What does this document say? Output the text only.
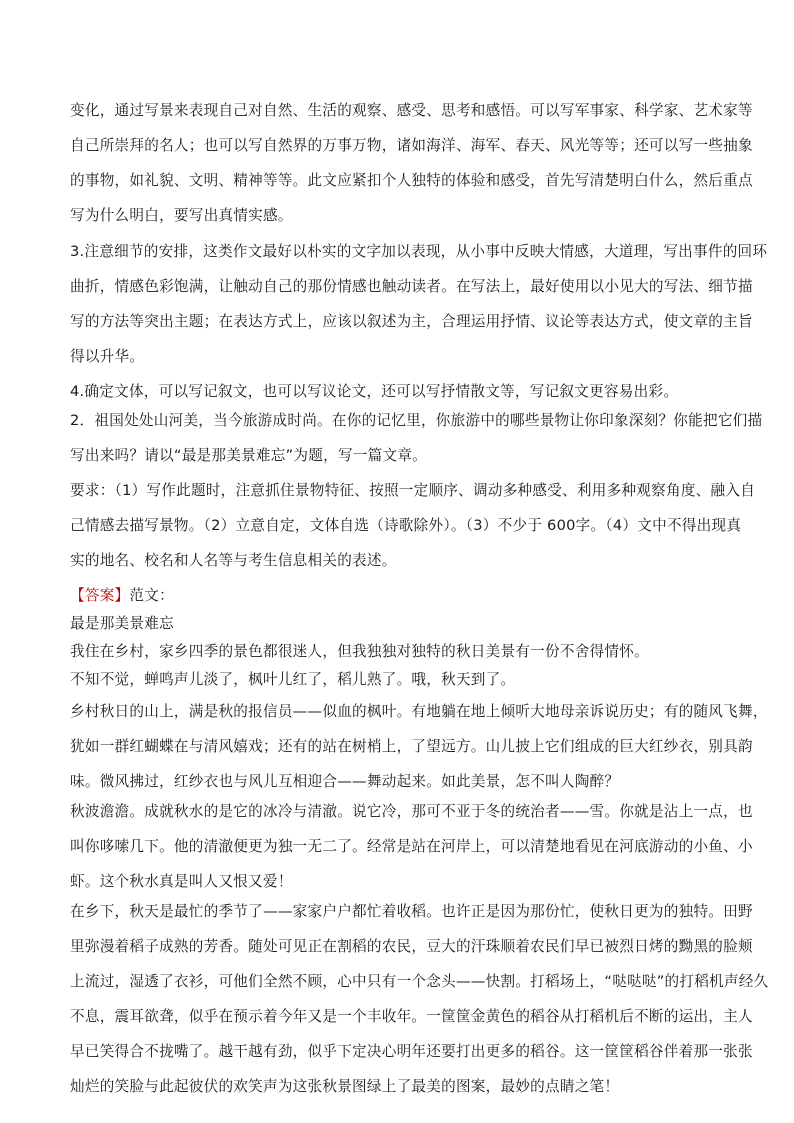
变化，通过写景来表现自己对自然、生活的观察、感受、思考和感悟。可以写军事家、科学家、艺术家等
自己所崇拜的名人；也可以写自然界的万事万物，诸如海洋、海军、春天、风光等等；还可以写一些抽象
的事物，如礼貌、文明、精神等等。此文应紧扣个人独特的体验和感受，首先写清楚明白什么，然后重点
写为什么明白，要写出真情实感。
3.注意细节的安排，这类作文最好以朴实的文字加以表现，从小事中反映大情感，大道理，写出事件的回环
曲折，情感色彩饱满，让触动自己的那份情感也触动读者。在写法上，最好使用以小见大的写法、细节描
写的方法等突出主题；在表达方式上，应该以叙述为主，合理运用抒情、议论等表达方式，使文章的主旨
得以升华。
4.确定文体，可以写记叙文，也可以写议论文，还可以写抒情散文等，写记叙文更容易出彩。
2．祖国处处山河美，当今旅游成时尚。在你的记忆里，你旅游中的哪些景物让你印象深刻？你能把它们描
写出来吗？请以“最是那美景难忘”为题，写一篇文章。
要求：（1）写作此题时，注意抓住景物特征、按照一定顺序、调动多种感受、利用多种观察角度、融入自
己情感去描写景物。（2）立意自定，文体自选（诗歌除外）。（3）不少于 600字。（4）文中不得出现真
实的地名、校名和人名等与考生信息相关的表述。
【答案】范文：
最是那美景难忘
我住在乡村，家乡四季的景色都很迷人，但我独独对独特的秋日美景有一份不舍得情怀。
不知不觉，蝉鸣声儿淡了，枫叶儿红了，稻儿熟了。哦，秋天到了。
乡村秋日的山上，满是秋的报信员——似血的枫叶。有地躺在地上倾听大地母亲诉说历史；有的随风飞舞，
犹如一群红蝴蝶在与清风嬉戏；还有的站在树梢上，了望远方。山儿披上它们组成的巨大红纱衣，别具韵
味。微风拂过，红纱衣也与风儿互相迎合——舞动起来。如此美景，怎不叫人陶醉？
秋波澹澹。成就秋水的是它的冰冷与清澈。说它冷，那可不亚于冬的统治者——雪。你就是沾上一点，也
叫你哆嗦几下。他的清澈便更为独一无二了。经常是站在河岸上，可以清楚地看见在河底游动的小鱼、小
虾。这个秋水真是叫人又恨又爱！
在乡下，秋天是最忙的季节了——家家户户都忙着收稻。也许正是因为那份忙，使秋日更为的独特。田野
里弥漫着稻子成熟的芳香。随处可见正在割稻的农民，豆大的汗珠顺着农民们早已被烈日烤的黝黑的脸颊
上流过，湿透了衣衫，可他们全然不顾，心中只有一个念头——快割。打稻场上，“哒哒哒”的打稻机声经久
不息，震耳欲聋，似乎在预示着今年又是一个丰收年。一筐筐金黄色的稻谷从打稻机后不断的运出，主人
早已笑得合不拢嘴了。越干越有劲，似乎下定决心明年还要打出更多的稻谷。这一筐筐稻谷伴着那一张张
灿烂的笑脸与此起彼伏的欢笑声为这张秋景图绿上了最美的图案，最妙的点睛之笔！
